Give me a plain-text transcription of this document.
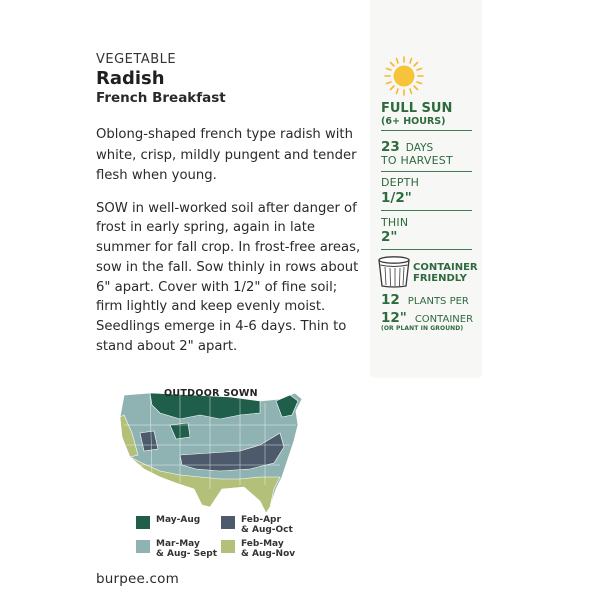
VEGETABLE
Radish
French Breakfast
Oblong-shaped french type radish with white, crisp, mildly pungent and tender flesh when young.
SOW in well-worked soil after danger of frost in early spring, again in late summer for fall crop. In frost-free areas, sow in the fall. Sow thinly in rows about 6" apart. Cover with 1/2" of fine soil; firm lightly and keep evenly moist. Seedlings emerge in 4-6 days. Thin to stand about 2" apart.
OUTDOOR SOWN
May-Aug	Feb-Apr
& Aug-Oct
Mar-May
& Aug- Sept
Feb-May
& Aug-Nov
burpee.com
FULL SUN
(6+ HOURS)
23 DAYS
TO HARVEST
DEPTH
1/2"
THIN
2"
CONTAINER
FRIENDLY
12 PLANTS PER
12" CONTAINER
(OR PLANT IN GROUND)
